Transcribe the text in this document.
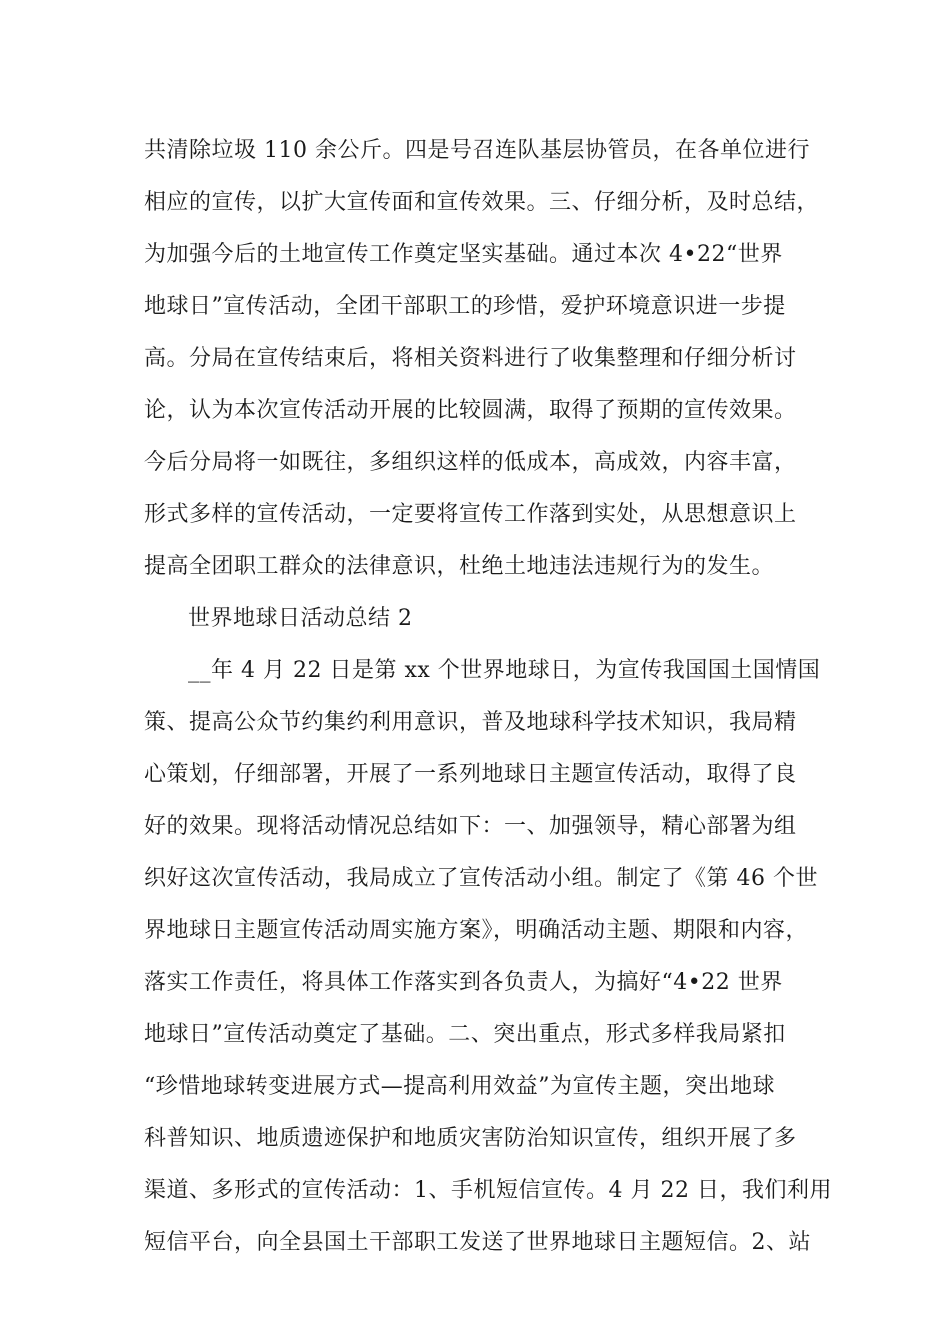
共清除垃圾 110 余公斤。四是号召连队基层协管员，在各单位进行
相应的宣传，以扩大宣传面和宣传效果。三、仔细分析，及时总结，
为加强今后的土地宣传工作奠定坚实基础。通过本次 4•22“世界
地球日”宣传活动，全团干部职工的珍惜，爱护环境意识进一步提
高。分局在宣传结束后，将相关资料进行了收集整理和仔细分析讨
论，认为本次宣传活动开展的比较圆满，取得了预期的宣传效果。
今后分局将一如既往，多组织这样的低成本，高成效，内容丰富，
形式多样的宣传活动，一定要将宣传工作落到实处，从思想意识上
提高全团职工群众的法律意识，杜绝土地违法违规行为的发生。
世界地球日活动总结 2
__年 4 月 22 日是第 xx 个世界地球日，为宣传我国国土国情国
策、提高公众节约集约利用意识，普及地球科学技术知识，我局精
心策划，仔细部署，开展了一系列地球日主题宣传活动，取得了良
好的效果。现将活动情况总结如下：一、加强领导，精心部署为组
织好这次宣传活动，我局成立了宣传活动小组。制定了《第 46 个世
界地球日主题宣传活动周实施方案》，明确活动主题、期限和内容，
落实工作责任，将具体工作落实到各负责人，为搞好“4•22 世界
地球日”宣传活动奠定了基础。二、突出重点，形式多样我局紧扣
“珍惜地球转变进展方式—提高利用效益”为宣传主题，突出地球
科普知识、地质遗迹保护和地质灾害防治知识宣传，组织开展了多
渠道、多形式的宣传活动：1、手机短信宣传。4 月 22 日，我们利用
短信平台，向全县国土干部职工发送了世界地球日主题短信。2、站
